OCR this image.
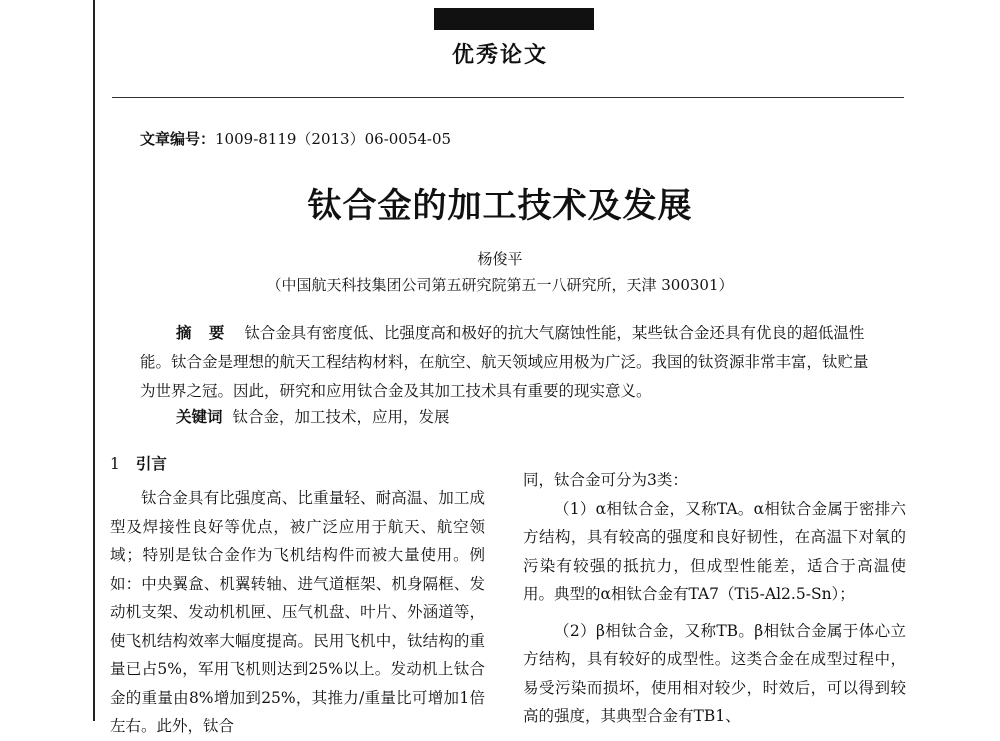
优秀论文
文章编号：1009-8119（2013）06-0054-05
钛合金的加工技术及发展
杨俊平
（中国航天科技集团公司第五研究院第五一八研究所，天津 300301）
摘 要 钛合金具有密度低、比强度高和极好的抗大气腐蚀性能，某些钛合金还具有优良的超低温性能。钛合金是理想的航天工程结构材料，在航空、航天领域应用极为广泛。我国的钛资源非常丰富，钛贮量为世界之冠。因此，研究和应用钛合金及其加工技术具有重要的现实意义。
关键词 钛合金，加工技术，应用，发展
1 引言

钛合金具有比强度高、比重量轻、耐高温、加工成型及焊接性良好等优点，被广泛应用于航天、航空领域；特别是钛合金作为飞机结构件而被大量使用。例如：中央翼盒、机翼转轴、进气道框架、机身隔框、发动机支架、发动机机匣、压气机盘、叶片、外涵道等，使飞机结构效率大幅度提高。民用飞机中，钛结构的重量已占5%，军用飞机则达到25%以上。发动机上钛合金的重量由8%增加到25%，其推力/重量比可增加1倍左右。此外，钛合

同，钛合金可分为3类：

（1）α相钛合金，又称TA。α相钛合金属于密排六方结构，具有较高的强度和良好韧性，在高温下对氧的污染有较强的抵抗力，但成型性能差，适合于高温使用。典型的α相钛合金有TA7（Ti5-Al2.5-Sn）；

（2）β相钛合金，又称TB。β相钛合金属于体心立方结构，具有较好的成型性。这类合金在成型过程中，易受污染而损坏，使用相对较少，时效后，可以得到较高的强度，其典型合金有TB1、
